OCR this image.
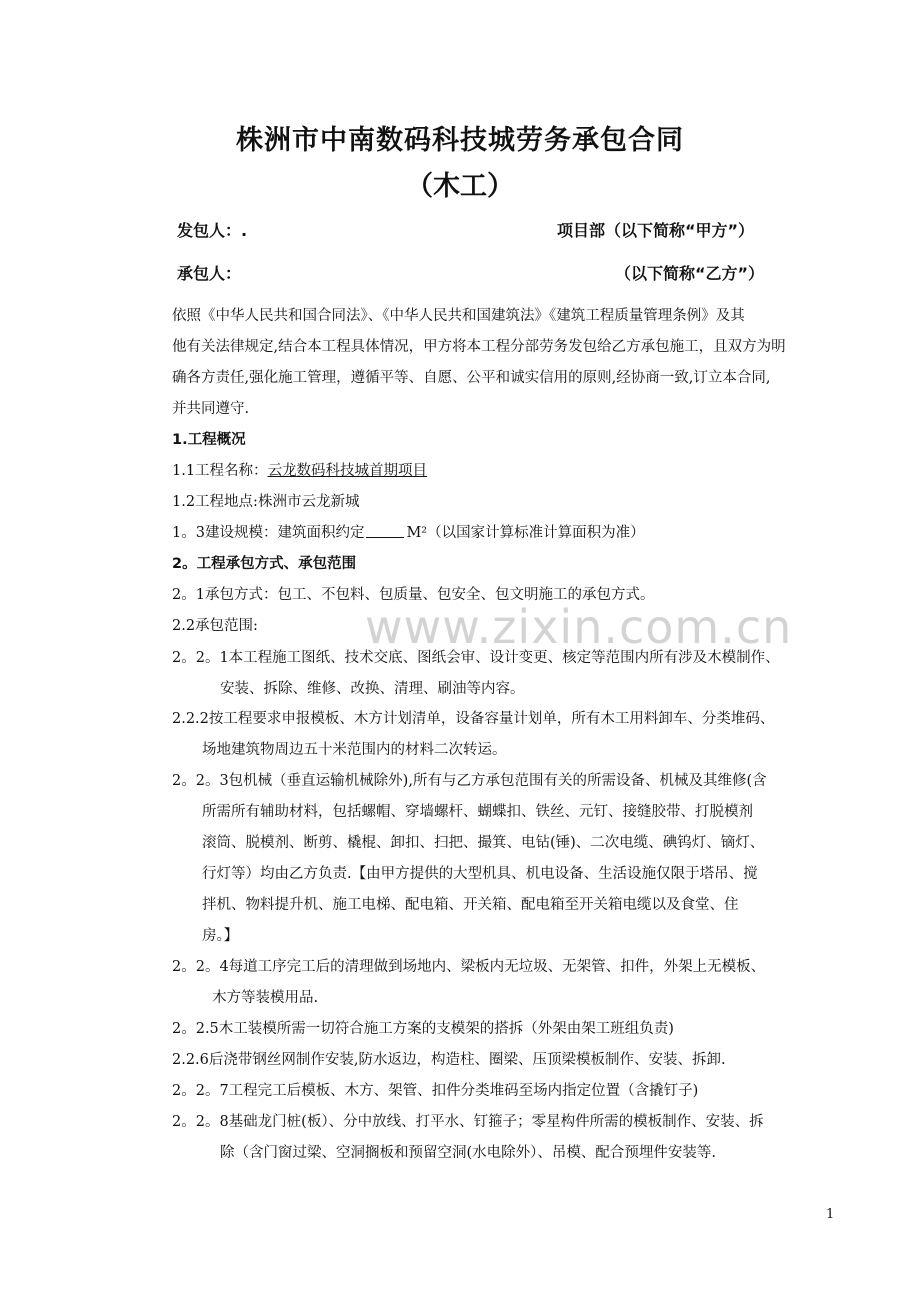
株洲市中南数码科技城劳务承包合同
（木工）
发包人：.	项目部（以下简称“甲方”）
承包人：	（以下简称“乙方”）
依照《中华人民共和国合同法》、《中华人民共和国建筑法》《建筑工程质量管理条例》及其
他有关法律规定,结合本工程具体情况，甲方将本工程分部劳务发包给乙方承包施工，且双方为明
确各方责任,强化施工管理，遵循平等、自愿、公平和诚实信用的原则,经协商一致,订立本合同,
并共同遵守.
1.工程概况
1.1工程名称：云龙数码科技城首期项目
1.2工程地点:株洲市云龙新城
1。3建设规模：建筑面积约定	M²（以国家计算标准计算面积为准）
2。工程承包方式、承包范围
2。1承包方式：包工、不包料、包质量、包安全、包文明施工的承包方式。
2.2承包范围:
2。2。1本工程施工图纸、技术交底、图纸会审、设计变更、核定等范围内所有涉及木模制作、
安装、拆除、维修、改换、清理、刷油等内容。
2.2.2按工程要求申报模板、木方计划清单，设备容量计划单，所有木工用料卸车、分类堆码、
场地建筑物周边五十米范围内的材料二次转运。
2。2。3包机械（垂直运输机械除外),所有与乙方承包范围有关的所需设备、机械及其维修(含
所需所有辅助材料，包括螺帽、穿墙螺杆、蝴蝶扣、铁丝、元钉、接缝胶带、打脱模剂
滚筒、脱模剂、断剪、橇棍、卸扣、扫把、撮箕、电钻(锤)、二次电缆、碘钨灯、镝灯、
行灯等）均由乙方负责.【由甲方提供的大型机具、机电设备、生活设施仅限于塔吊、搅
拌机、物料提升机、施工电梯、配电箱、开关箱、配电箱至开关箱电缆以及食堂、住
房。】
2。2。4每道工序完工后的清理做到场地内、梁板内无垃圾、无架管、扣件，外架上无模板、
木方等装模用品.
2。2.5木工装模所需一切符合施工方案的支模架的搭拆（外架由架工班组负责)
2.2.6后浇带钢丝网制作安装,防水返边，构造柱、圈梁、压顶梁模板制作、安装、拆卸.
2。2。7工程完工后模板、木方、架管、扣件分类堆码至场内指定位置（含撬钉子)
2。2。8基础龙门桩(板）、分中放线、打平水、钉箍子；零星构件所需的模板制作、安装、拆
除（含门窗过梁、空洞搁板和预留空洞(水电除外）、吊模、配合预埋件安装等.
www.zixin.com.cn
1
